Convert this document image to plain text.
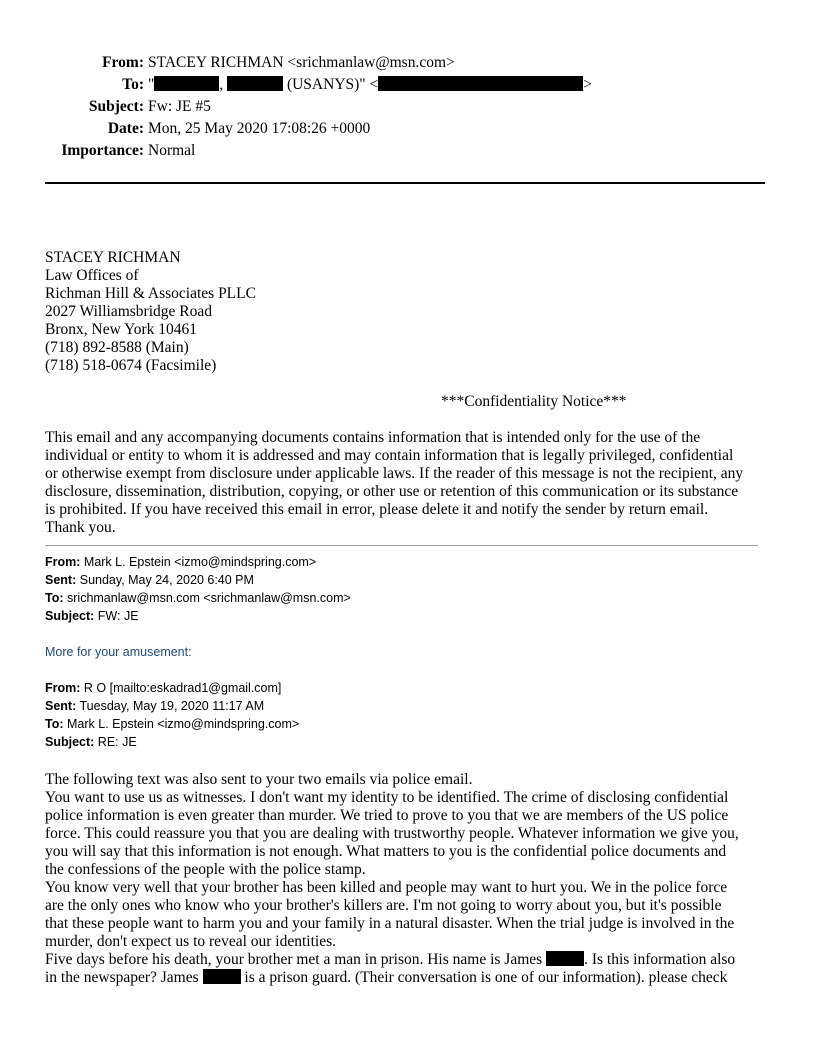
From: STACEY RICHMAN <srichmanlaw@msn.com>
To: "	,	(USANYS)" <	>
Subject: Fw: JE #5
Date: Mon, 25 May 2020 17:08:26 +0000
Importance: Normal
STACEY RICHMAN
Law Offices of
Richman Hill & Associates PLLC
2027 Williamsbridge Road
Bronx, New York 10461
(718) 892-8588 (Main)
(718) 518-0674 (Facsimile)
***Confidentiality Notice***
This email and any accompanying documents contains information that is intended only for the use of the
individual or entity to whom it is addressed and may contain information that is legally privileged, confidential
or otherwise exempt from disclosure under applicable laws. If the reader of this message is not the recipient, any
disclosure, dissemination, distribution, copying, or other use or retention of this communication or its substance
is prohibited. If you have received this email in error, please delete it and notify the sender by return email.
Thank you.
From: Mark L. Epstein <izmo@mindspring.com>
Sent: Sunday, May 24, 2020 6:40 PM
To: srichmanlaw@msn.com <srichmanlaw@msn.com>
Subject: FW: JE
More for your amusement:
From: R O [mailto:eskadrad1@gmail.com]
Sent: Tuesday, May 19, 2020 11:17 AM
To: Mark L. Epstein <izmo@mindspring.com>
Subject: RE: JE
The following text was also sent to your two emails via police email.
You want to use us as witnesses. I don't want my identity to be identified. The crime of disclosing confidential
police information is even greater than murder. We tried to prove to you that we are members of the US police
force. This could reassure you that you are dealing with trustworthy people. Whatever information we give you,
you will say that this information is not enough. What matters to you is the confidential police documents and
the confessions of the people with the police stamp.
You know very well that your brother has been killed and people may want to hurt you. We in the police force
are the only ones who know who your brother's killers are. I'm not going to worry about you, but it's possible
that these people want to harm you and your family in a natural disaster. When the trial judge is involved in the
murder, don't expect us to reveal our identities.
Five days before his death, your brother met a man in prison. His name is James	. Is this information also
in the newspaper? James	is a prison guard. (Their conversation is one of our information)‏. please check
